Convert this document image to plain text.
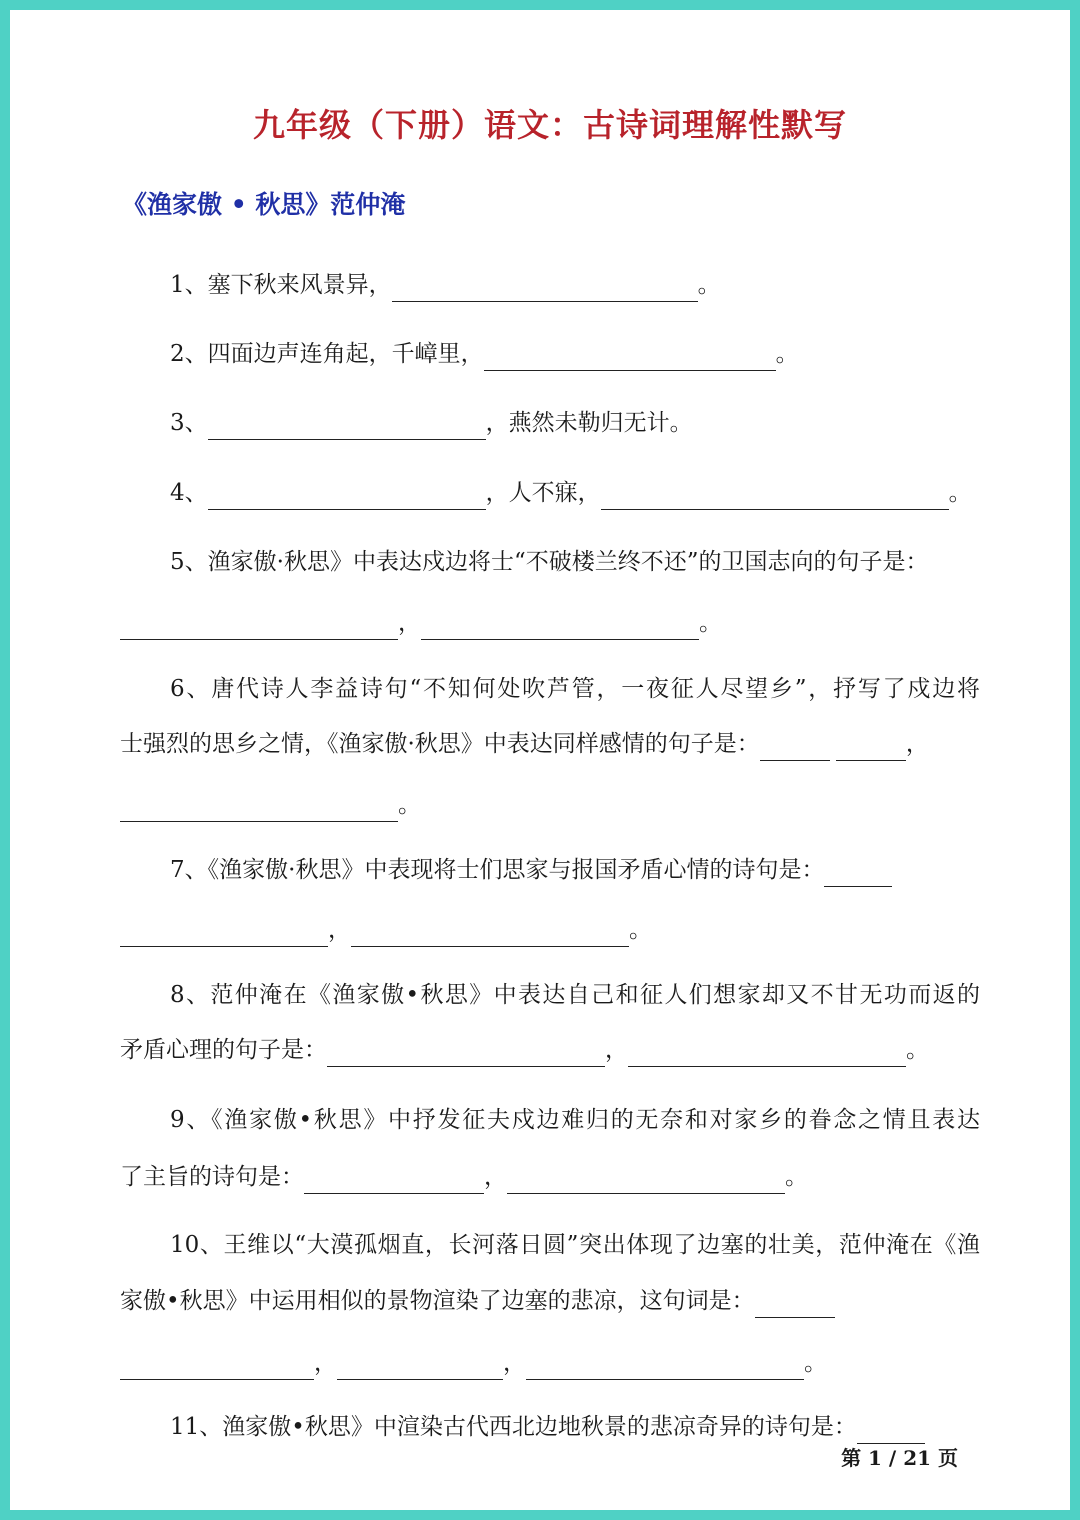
九年级（下册）语文：古诗词理解性默写
《渔家傲 • 秋思》范仲淹
1、塞下秋来风景异，	。
2、四面边声连角起，千嶂里，	。
3、	，燕然未勒归无计。
4、	，人不寐，	。
5、渔家傲·秋思》中表达戍边将士“不破楼兰终不还”的卫国志向的句子是：
，	。
6、唐代诗人李益诗句“不知何处吹芦管，一夜征人尽望乡”，抒写了戍边将
士强烈的思乡之情，《渔家傲·秋思》中表达同样感情的句子是：	，
。
7、《渔家傲·秋思》中表现将士们思家与报国矛盾心情的诗句是：
，	。
8、范仲淹在《渔家傲•秋思》中表达自己和征人们想家却又不甘无功而返的
矛盾心理的句子是：	，	。
9、《渔家傲•秋思》中抒发征夫戍边难归的无奈和对家乡的眷念之情且表达
了主旨的诗句是：	，	。
10、王维以“大漠孤烟直，长河落日圆”突出体现了边塞的壮美，范仲淹在《渔
家傲•秋思》中运用相似的景物渲染了边塞的悲凉，这句词是：
，	，	。
11、渔家傲•秋思》中渲染古代西北边地秋景的悲凉奇异的诗句是：
第 1 / 21 页
